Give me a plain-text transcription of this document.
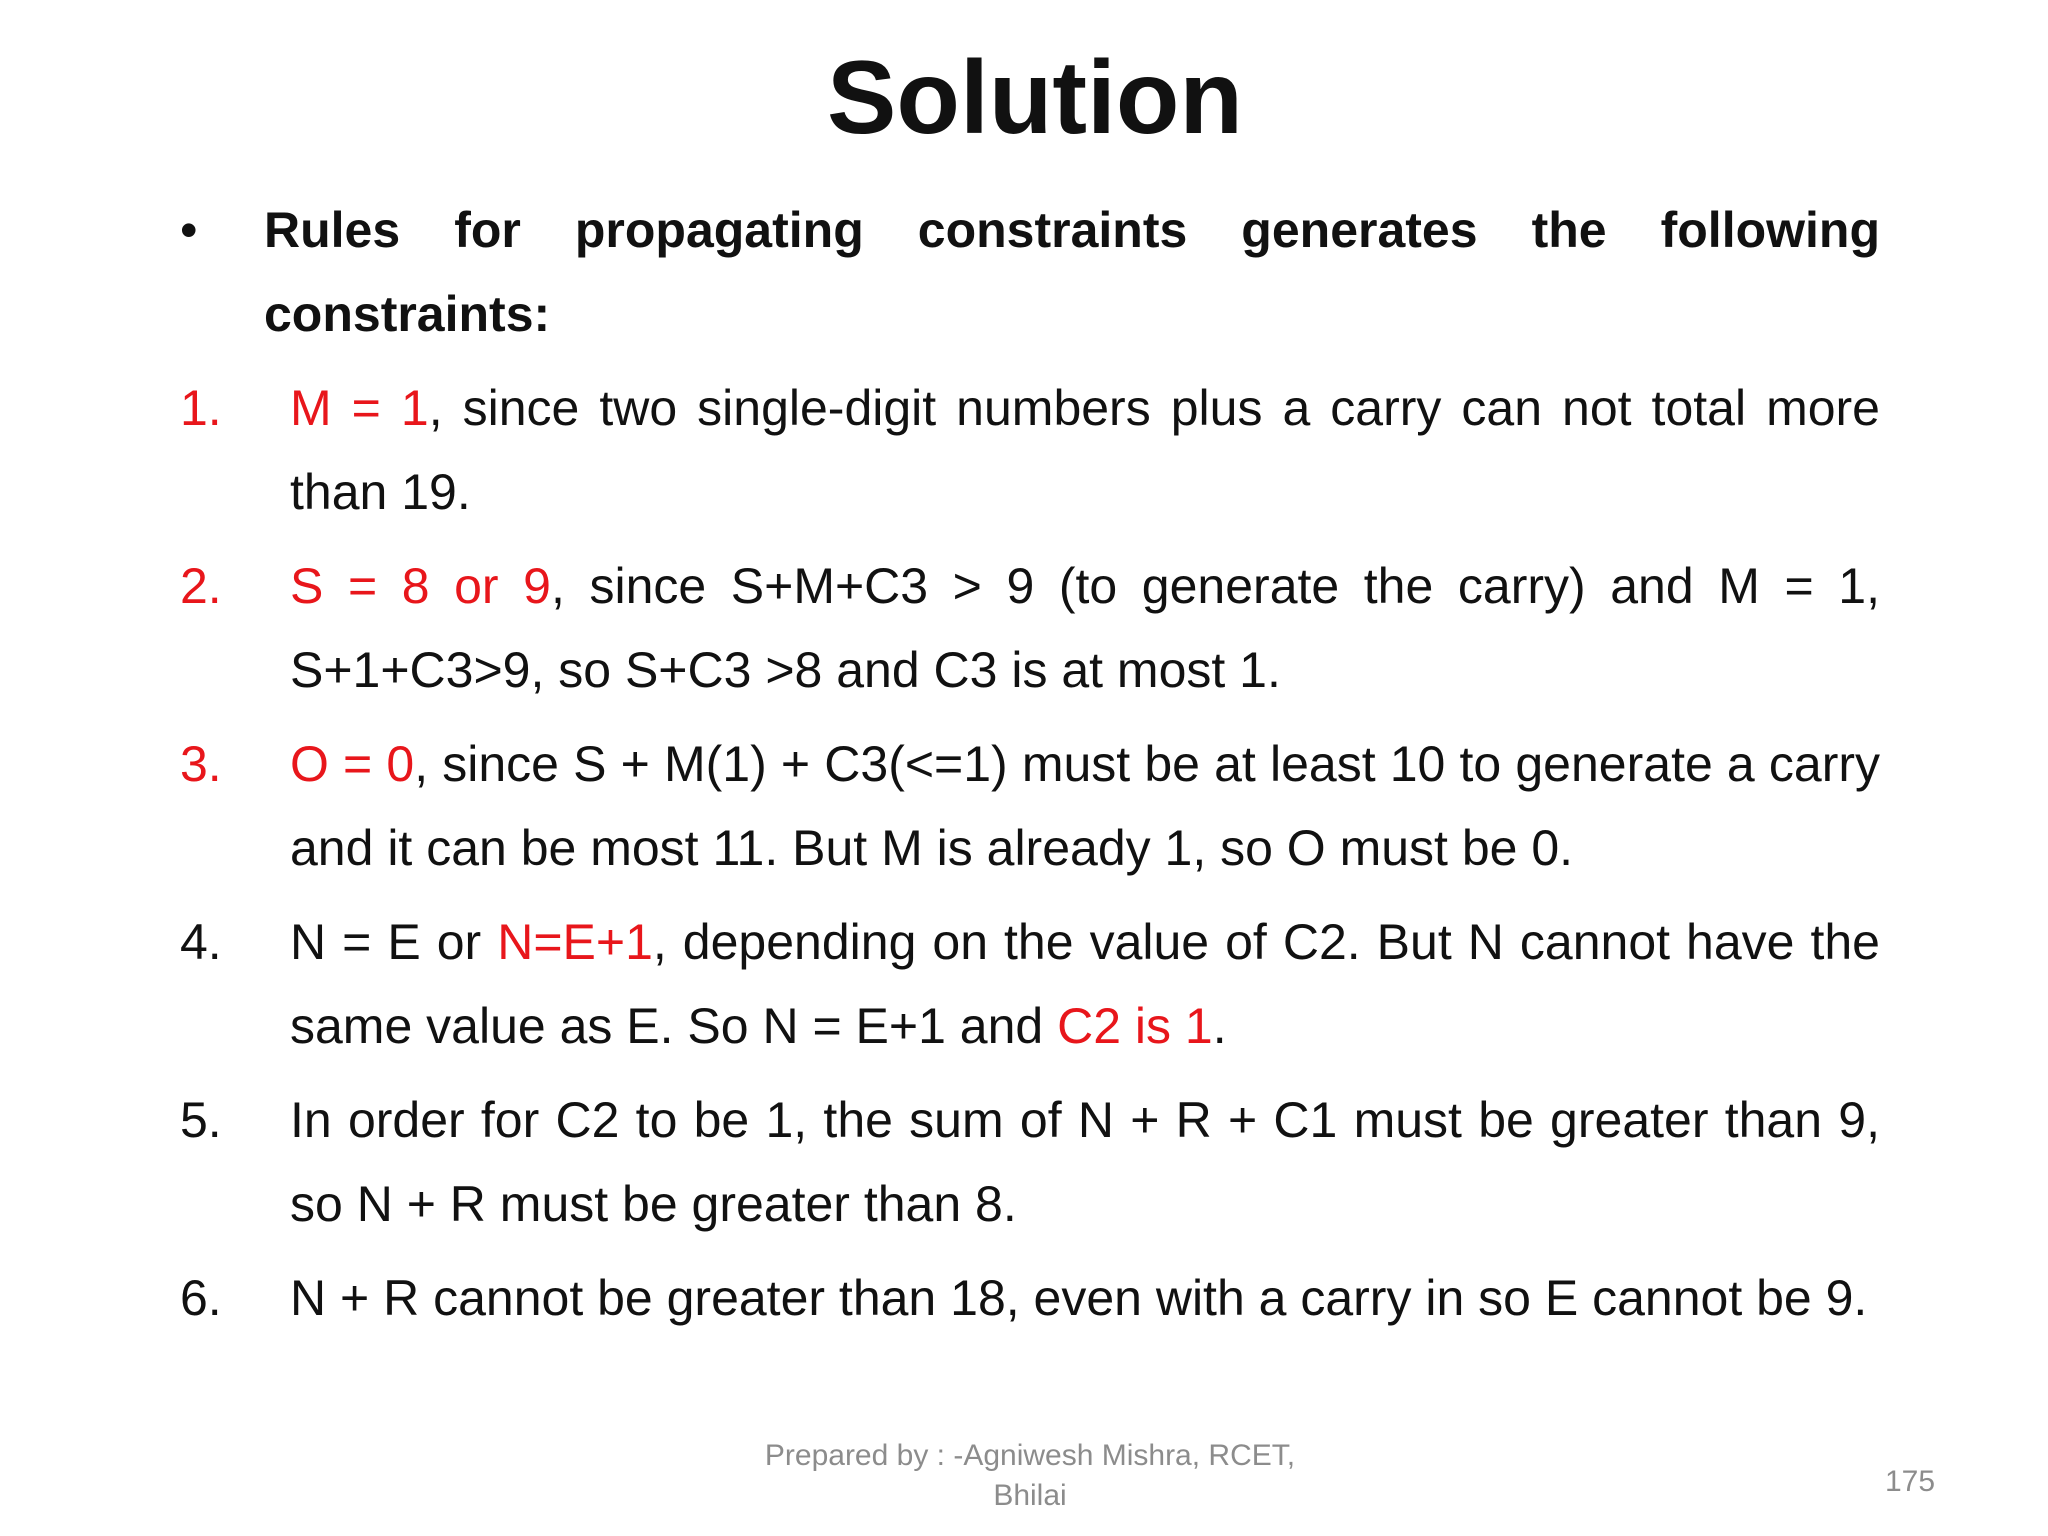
Solution
• Rules for propagating constraints generates the following constraints:
1. M = 1, since two single-digit numbers plus a carry can not total more than 19.
2. S = 8 or 9, since S+M+C3 > 9 (to generate the carry) and M = 1, S+1+C3>9, so S+C3 >8 and C3 is at most 1.
3. O = 0, since S + M(1) + C3(<=1) must be at least 10 to generate a carry and it can be most 11. But M is already 1, so O must be 0.
4. N = E or N=E+1, depending on the value of C2. But N cannot have the same value as E. So N = E+1 and C2 is 1.
5. In order for C2 to be 1, the sum of N + R + C1 must be greater than 9, so N + R must be greater than 8.
6. N + R cannot be greater than 18, even with a carry in so E cannot be 9.
Prepared by : -Agniwesh Mishra, RCET,
Bhilai	175
